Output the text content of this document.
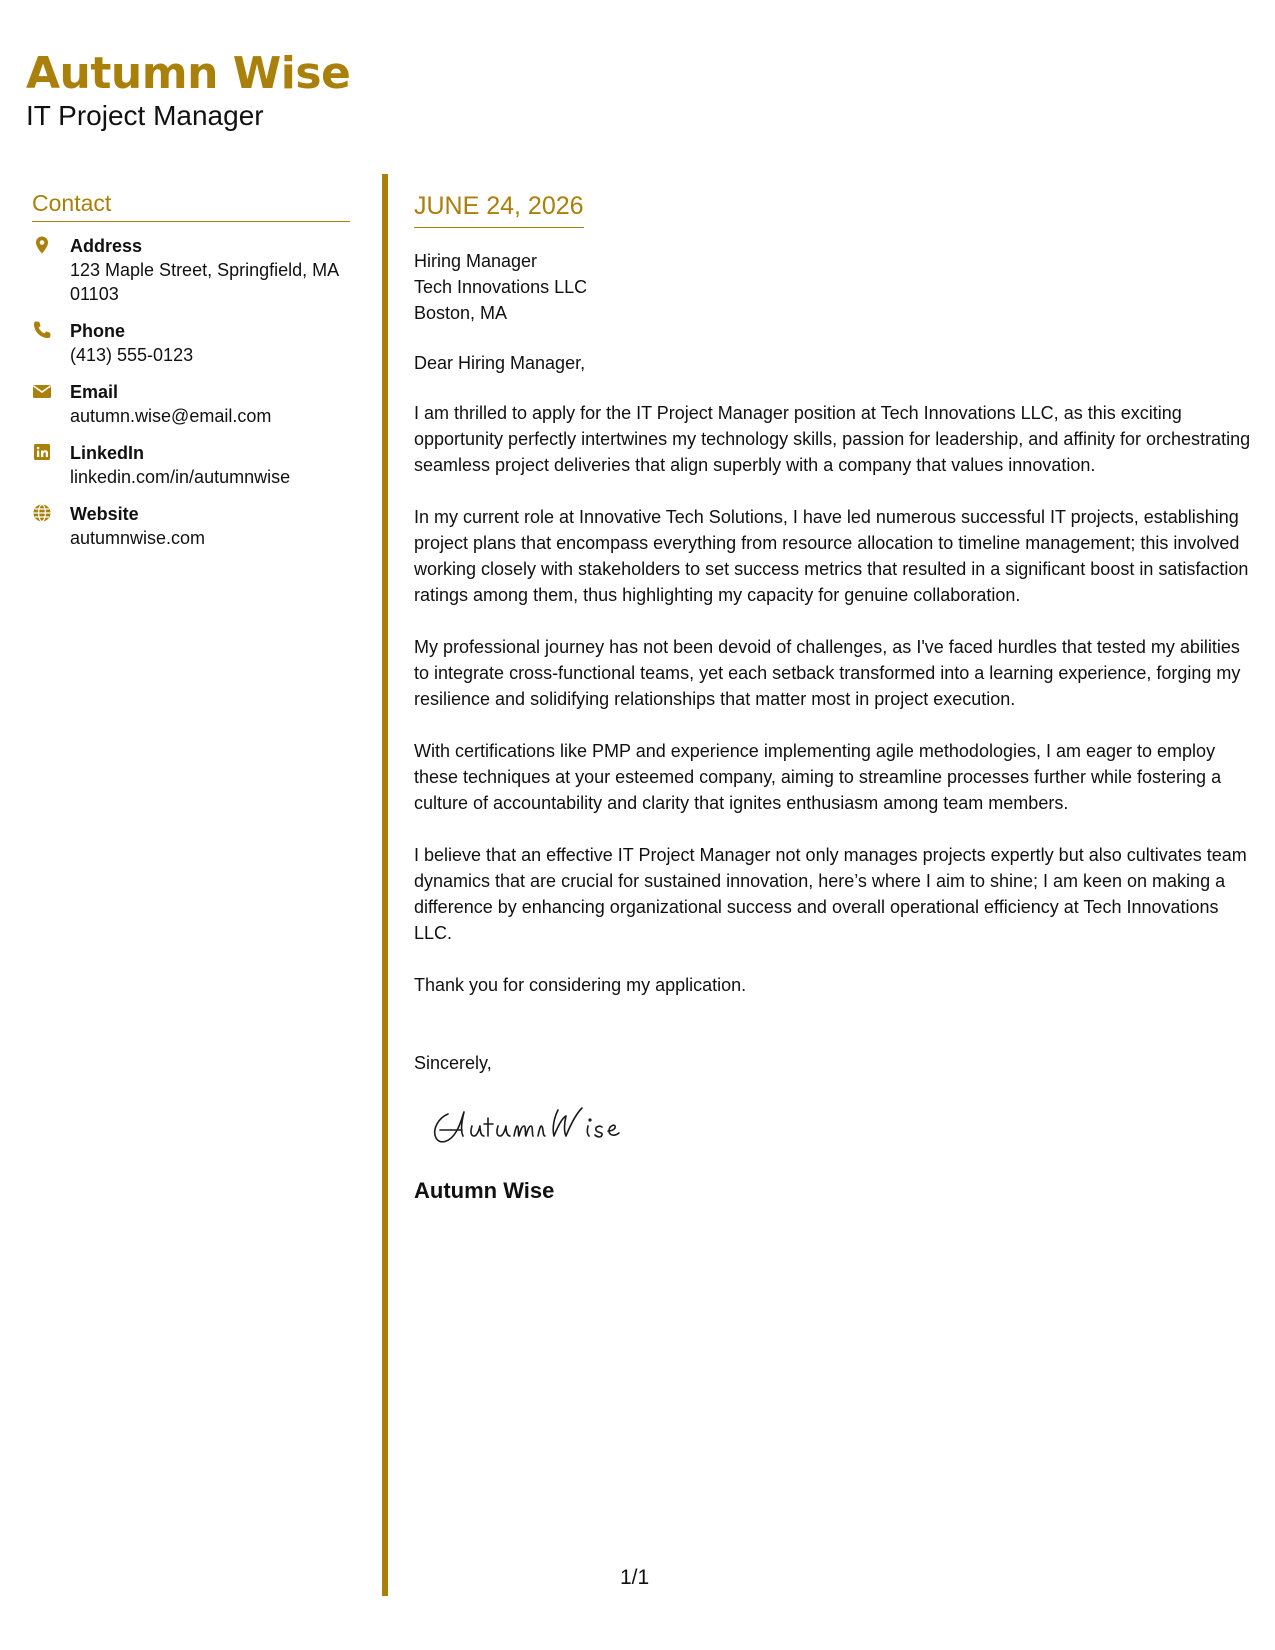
Autumn Wise
IT Project Manager
Contact
Address
123 Maple Street, Springfield, MA 01103
Phone
(413) 555-0123
Email
autumn.wise@email.com
LinkedIn
linkedin.com/in/autumnwise
Website
autumnwise.com
JUNE 24, 2026
Hiring Manager
Tech Innovations LLC
Boston, MA

Dear Hiring Manager,

I am thrilled to apply for the IT Project Manager position at Tech Innovations LLC, as this exciting opportunity perfectly intertwines my technology skills, passion for leadership, and affinity for orchestrating seamless project deliveries that align superbly with a company that values innovation.

In my current role at Innovative Tech Solutions, I have led numerous successful IT projects, establishing project plans that encompass everything from resource allocation to timeline management; this involved working closely with stakeholders to set success metrics that resulted in a significant boost in satisfaction ratings among them, thus highlighting my capacity for genuine collaboration.

My professional journey has not been devoid of challenges, as I've faced hurdles that tested my abilities to integrate cross-functional teams, yet each setback transformed into a learning experience, forging my resilience and solidifying relationships that matter most in project execution.

With certifications like PMP and experience implementing agile methodologies, I am eager to employ these techniques at your esteemed company, aiming to streamline processes further while fostering a culture of accountability and clarity that ignites enthusiasm among team members.

I believe that an effective IT Project Manager not only manages projects expertly but also cultivates team dynamics that are crucial for sustained innovation, here’s where I aim to shine; I am keen on making a difference by enhancing organizational success and overall operational efficiency at Tech Innovations LLC.

Thank you for considering my application.

Sincerely,

Autumn Wise
1/1
